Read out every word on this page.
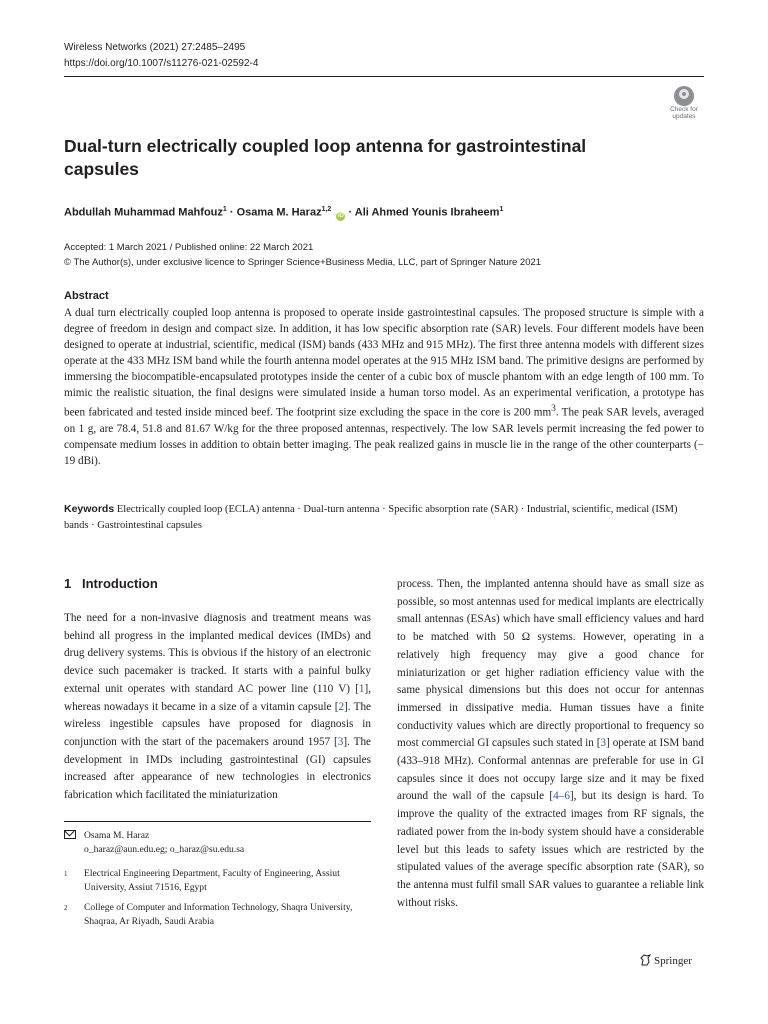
Wireless Networks (2021) 27:2485–2495
https://doi.org/10.1007/s11276-021-02592-4
Check for
updates
Dual-turn electrically coupled loop antenna for gastrointestinal capsules
Abdullah Muhammad Mahfouz$^1$ · Osama M. Haraz$^{1,2}$ iD · Ali Ahmed Younis Ibraheem$^1$
Accepted: 1 March 2021 / Published online: 22 March 2021
© The Author(s), under exclusive licence to Springer Science+Business Media, LLC, part of Springer Nature 2021
Abstract
A dual turn electrically coupled loop antenna is proposed to operate inside gastrointestinal capsules. The proposed structure is simple with a degree of freedom in design and compact size. In addition, it has low specific absorption rate (SAR) levels. Four different models have been designed to operate at industrial, scientific, medical (ISM) bands (433 MHz and 915 MHz). The first three antenna models with different sizes operate at the 433 MHz ISM band while the fourth antenna model operates at the 915 MHz ISM band. The primitive designs are performed by immersing the biocompatible-encapsulated prototypes inside the center of a cubic box of muscle phantom with an edge length of 100 mm. To mimic the realistic situation, the final designs were simulated inside a human torso model. As an experimental verification, a prototype has been fabricated and tested inside minced beef. The footprint size excluding the space in the core is 200 $mm^3$. The peak SAR levels, averaged on 1 g, are 78.4, 51.8 and 81.67 W/kg for the three proposed antennas, respectively. The low SAR levels permit increasing the fed power to compensate medium losses in addition to obtain better imaging. The peak realized gains in muscle lie in the range of the other counterparts (− 19 dBi).
Keywords Electrically coupled loop (ECLA) antenna · Dual-turn antenna · Specific absorption rate (SAR) · Industrial, scientific, medical (ISM) bands · Gastrointestinal capsules
1 Introduction
The need for a non-invasive diagnosis and treatment means was behind all progress in the implanted medical devices (IMDs) and drug delivery systems. This is obvious if the history of an electronic device such pacemaker is tracked. It starts with a painful bulky external unit operates with standard AC power line (110 V) [1], whereas nowadays it became in a size of a vitamin capsule [2]. The wireless ingestible capsules have proposed for diagnosis in conjunction with the start of the pacemakers around 1957 [3]. The development in IMDs including gastrointestinal (GI) capsules increased after appearance of new technologies in electronics fabrication which facilitated the miniaturization
process. Then, the implanted antenna should have as small size as possible, so most antennas used for medical implants are electrically small antennas (ESAs) which have small efficiency values and hard to be matched with 50 Ω systems. However, operating in a relatively high frequency may give a good chance for miniaturization or get higher radiation efficiency value with the same physical dimensions but this does not occur for antennas immersed in dissipative media. Human tissues have a finite conductivity values which are directly proportional to frequency so most commercial GI capsules such stated in [3] operate at ISM band (433–918 MHz). Conformal antennas are preferable for use in GI capsules since it does not occupy large size and it may be fixed around the wall of the capsule [4–6], but its design is hard. To improve the quality of the extracted images from RF signals, the radiated power from the in-body system should have a considerable level but this leads to safety issues which are restricted by the stipulated values of the average specific absorption rate (SAR), so the antenna must fulfil small SAR values to guarantee a reliable link without risks.
Osama M. Haraz
o_haraz@aun.edu.eg; o_haraz@su.edu.sa
1	Electrical Engineering Department, Faculty of Engineering, Assiut University, Assiut 71516, Egypt
2	College of Computer and Information Technology, Shaqra University, Shaqraa, Ar Riyadh, Saudi Arabia
Springer
